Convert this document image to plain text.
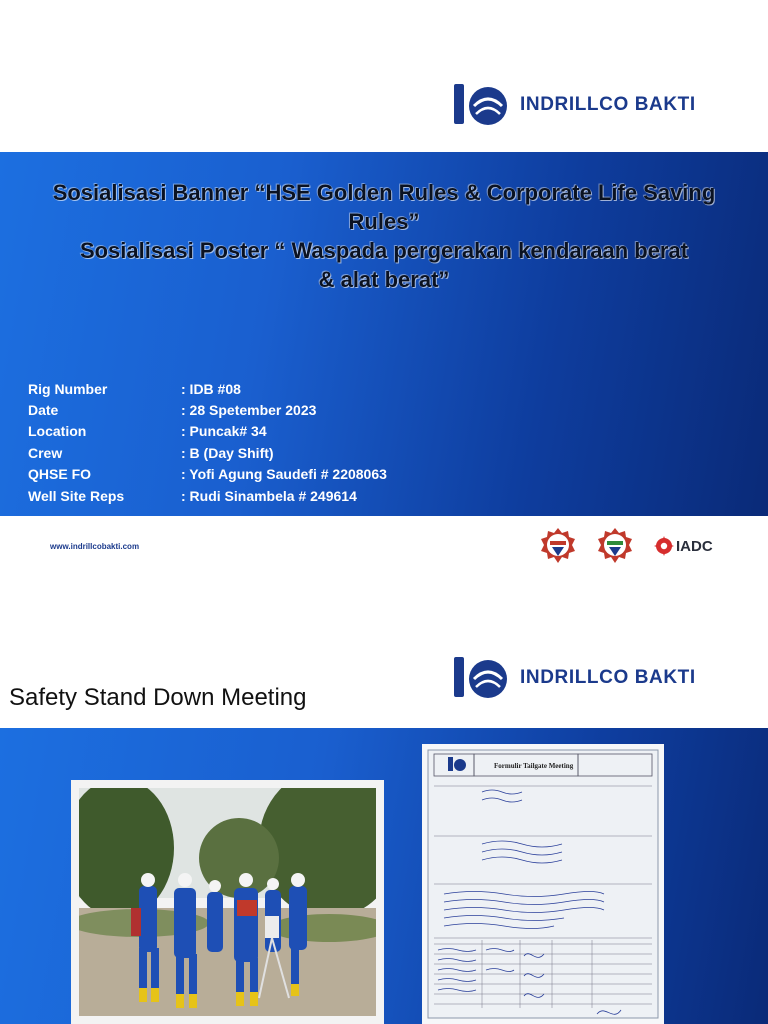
INDRILLCO BAKTI

Sosialisasi Banner “HSE Golden Rules & Corporate Life Saving Rules”

Sosialisasi Poster “ Waspada pergerakan kendaraan berat & alat berat”

Rig Number	: IDB #08
Date	: 28 Spetember 2023
Location	: Puncak# 34
Crew	: B (Day Shift)
QHSE FO	: Yofi Agung Saudefi # 2208063
Well Site Reps	: Rudi Sinambela # 249614
www.indrillcobakti.com	IADC
Safety Stand Down Meeting
INDRILLCO BAKTI
Formulir Tailgate Meeting
